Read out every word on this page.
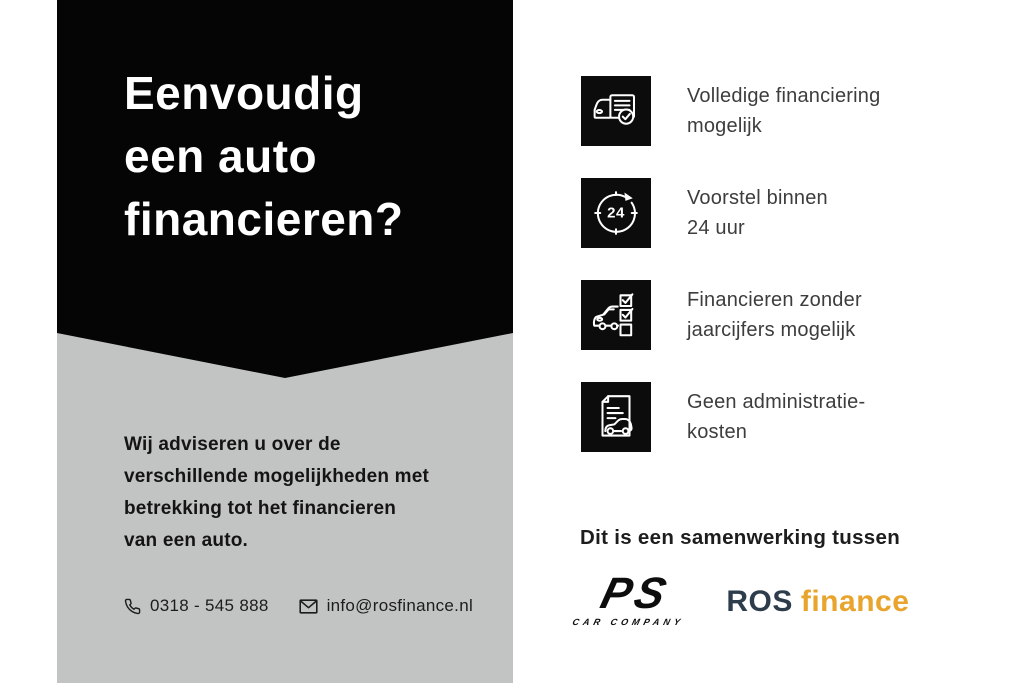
Eenvoudig
een auto
financieren?
Wij adviseren u over de
verschillende mogelijkheden met
betrekking tot het financieren
van een auto.
0318 - 545 888	info@rosfinance.nl
Volledige financiering
mogelijk
24
Voorstel binnen
24 uur
Financieren zonder
jaarcijfers mogelijk
Geen administratie-
kosten
Dit is een samenwerking tussen
PS
CAR COMPANY
ROS finance
